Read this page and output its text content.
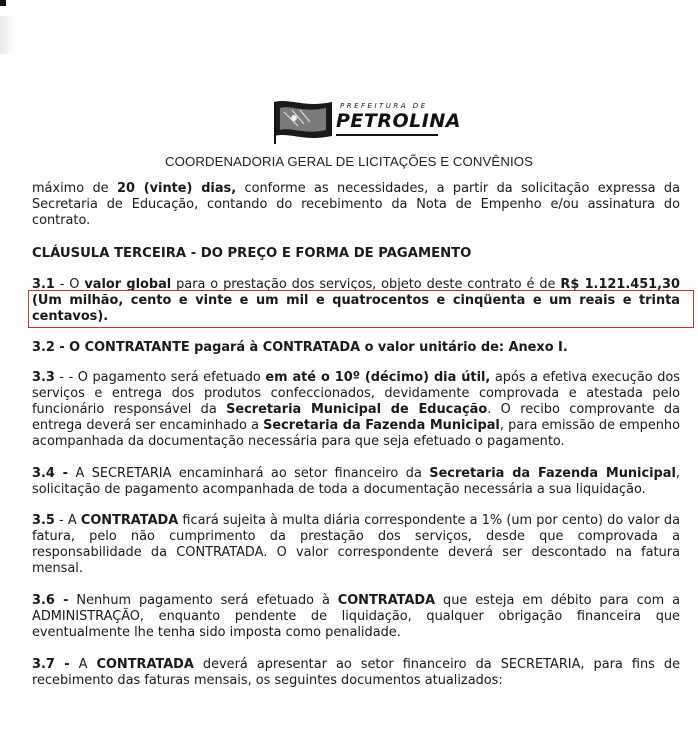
PREFEITURA DE
PETROLINA
COORDENADORIA GERAL DE LICITAÇÕES E CONVÊNIOS
máximo de 20 (vinte) dias, conforme as necessidades, a partir da solicitação expressa da Secretaria de Educação, contando do recebimento da Nota de Empenho e/ou assinatura do contrato.
CLÁUSULA TERCEIRA - DO PREÇO E FORMA DE PAGAMENTO
3.1 - O valor global para o prestação dos serviços, objeto deste contrato é de R$ 1.121.451,30 (Um milhão, cento e vinte e um mil e quatrocentos e cinqüenta e um reais e trinta centavos).
3.2 - O CONTRATANTE pagará à CONTRATADA o valor unitário de: Anexo I.
3.3 - - O pagamento será efetuado em até o 10º (décimo) dia útil, após a efetiva execução dos serviços e entrega dos produtos confeccionados, devidamente comprovada e atestada pelo funcionário responsável da Secretaria Municipal de Educação. O recibo comprovante da entrega deverá ser encaminhado a Secretaria da Fazenda Municipal, para emissão de empenho acompanhada da documentação necessária para que seja efetuado o pagamento.
3.4 - A SECRETARIA encaminhará ao setor financeiro da Secretaria da Fazenda Municipal, solicitação de pagamento acompanhada de toda a documentação necessária a sua liquidação.
3.5 - A CONTRATADA ficará sujeita à multa diária correspondente a 1% (um por cento) do valor da fatura, pelo não cumprimento da prestação dos serviços, desde que comprovada a responsabilidade da CONTRATADA. O valor correspondente deverá ser descontado na fatura mensal.
3.6 - Nenhum pagamento será efetuado à CONTRATADA que esteja em débito para com a ADMINISTRAÇÃO, enquanto pendente de liquidação, qualquer obrigação financeira que eventualmente lhe tenha sido imposta como penalidade.
3.7 - A CONTRATADA deverá apresentar ao setor financeiro da SECRETARIA, para fins de recebimento das faturas mensais, os seguintes documentos atualizados:
